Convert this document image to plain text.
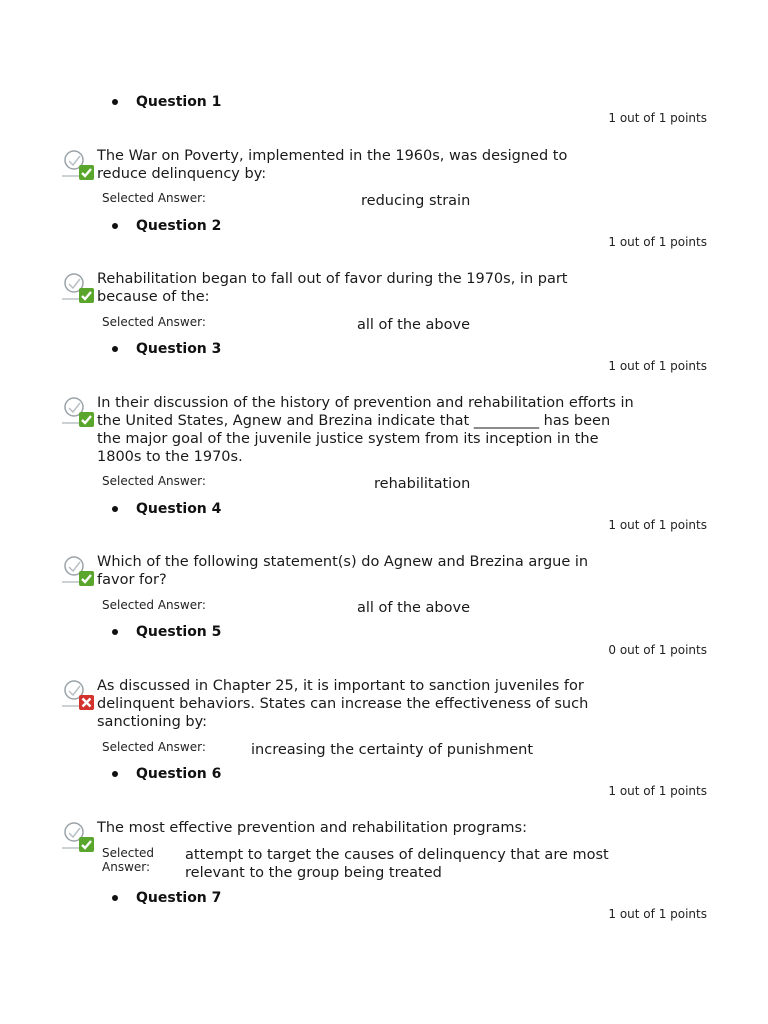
Question 1
1 out of 1 points
The War on Poverty, implemented in the 1960s, was designed to reduce delinquency by:
Selected Answer:	reducing strain
Question 2
1 out of 1 points
Rehabilitation began to fall out of favor during the 1970s, in part because of the:
Selected Answer:	all of the above
Question 3
1 out of 1 points
In their discussion of the history of prevention and rehabilitation efforts in the United States, Agnew and Brezina indicate that _________ has been the major goal of the juvenile justice system from its inception in the 1800s to the 1970s.
Selected Answer:	rehabilitation
Question 4
1 out of 1 points
Which of the following statement(s) do Agnew and Brezina argue in favor for?
Selected Answer:	all of the above
Question 5
0 out of 1 points
As discussed in Chapter 25, it is important to sanction juveniles for delinquent behaviors. States can increase the effectiveness of such sanctioning by:
Selected Answer:	increasing the certainty of punishment
Question 6
1 out of 1 points
The most effective prevention and rehabilitation programs:
Selected
Answer:
attempt to target the causes of delinquency that are most relevant to the group being treated
Question 7
1 out of 1 points
